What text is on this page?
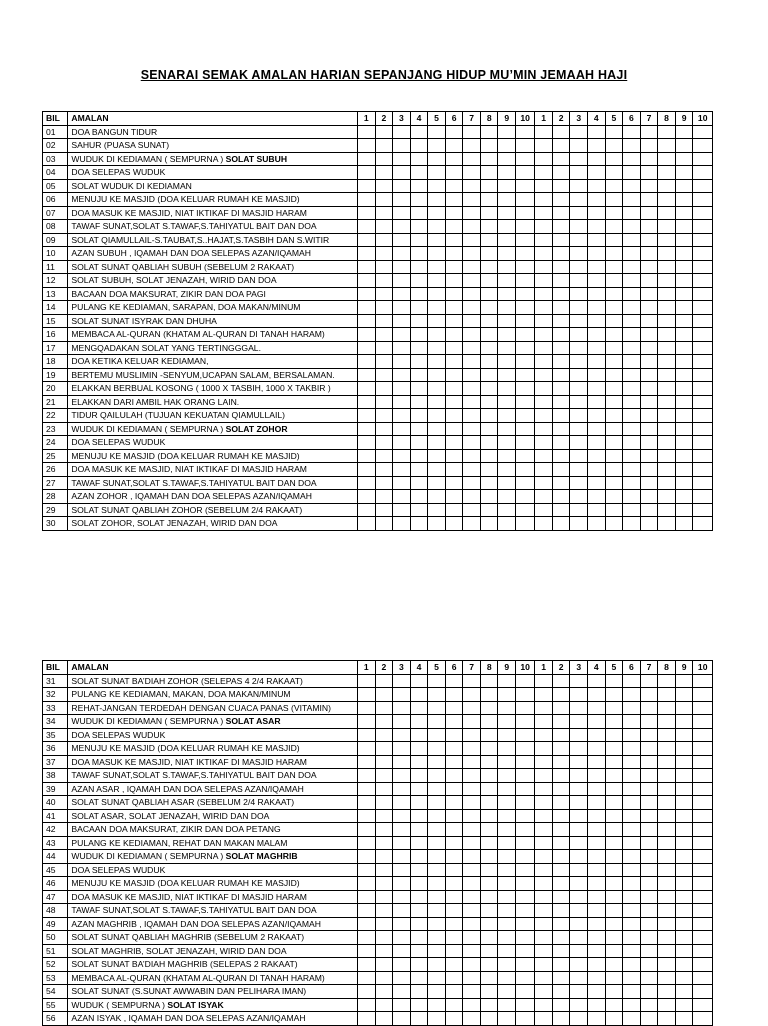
SENARAI SEMAK AMALAN HARIAN SEPANJANG HIDUP MU’MIN JEMAAH HAJI
BIL	AMALAN	1	2	3	4	5	6	7	8	9	10	1	2	3	4	5	6	7	8	9	10
01	DOA BANGUN TIDUR																				
02	SAHUR (PUASA SUNAT)																				
03	WUDUK DI KEDIAMAN ( SEMPURNA ) SOLAT SUBUH																				
04	DOA SELEPAS WUDUK																				
05	SOLAT WUDUK DI KEDIAMAN																				
06	MENUJU KE MASJID (DOA KELUAR RUMAH KE MASJID)																				
07	DOA MASUK KE MASJID, NIAT IKTIKAF DI MASJID HARAM																				
08	TAWAF SUNAT,SOLAT S.TAWAF,S.TAHIYATUL BAIT DAN DOA																				
09	SOLAT QIAMULLAIL-S.TAUBAT,S..HAJAT,S.TASBIH DAN S.WITIR																				
10	AZAN SUBUH , IQAMAH DAN DOA SELEPAS AZAN/IQAMAH																				
11	SOLAT SUNAT QABLIAH SUBUH (SEBELUM 2 RAKAAT)																				
12	SOLAT SUBUH, SOLAT JENAZAH, WIRID DAN DOA																				
13	BACAAN DOA MAKSURAT, ZIKIR DAN DOA PAGI																				
14	PULANG KE KEDIAMAN, SARAPAN, DOA MAKAN/MINUM																				
15	SOLAT SUNAT ISYRAK DAN DHUHA																				
16	MEMBACA AL-QURAN (KHATAM AL-QURAN DI TANAH HARAM)																				
17	MENGQADAKAN SOLAT YANG TERTINGGGAL.																				
18	DOA KETIKA KELUAR KEDIAMAN,																				
19	BERTEMU MUSLIMIN -SENYUM,UCAPAN SALAM, BERSALAMAN.																				
20	ELAKKAN BERBUAL KOSONG ( 1000 X TASBIH, 1000 X TAKBIR )																				
21	ELAKKAN DARI AMBIL HAK ORANG LAIN.																				
22	TIDUR QAILULAH (TUJUAN KEKUATAN QIAMULLAIL)																				
23	WUDUK DI KEDIAMAN ( SEMPURNA ) SOLAT ZOHOR																				
24	DOA SELEPAS WUDUK																				
25	MENUJU KE MASJID (DOA KELUAR RUMAH KE MASJID)																				
26	DOA MASUK KE MASJID, NIAT IKTIKAF DI MASJID HARAM																				
27	TAWAF SUNAT,SOLAT S.TAWAF,S.TAHIYATUL BAIT DAN DOA																				
28	AZAN ZOHOR , IQAMAH DAN DOA SELEPAS AZAN/IQAMAH																				
29	SOLAT SUNAT QABLIAH ZOHOR (SEBELUM 2/4 RAKAAT)																				
30	SOLAT ZOHOR, SOLAT JENAZAH, WIRID DAN DOA																				
BIL	AMALAN	1	2	3	4	5	6	7	8	9	10	1	2	3	4	5	6	7	8	9	10
31	SOLAT SUNAT BA’DIAH ZOHOR (SELEPAS 4 2/4 RAKAAT)																				
32	PULANG KE KEDIAMAN, MAKAN, DOA MAKAN/MINUM																				
33	REHAT-JANGAN TERDEDAH DENGAN CUACA PANAS (VITAMIN)																				
34	WUDUK DI KEDIAMAN ( SEMPURNA ) SOLAT ASAR																				
35	DOA SELEPAS WUDUK																				
36	MENUJU KE MASJID (DOA KELUAR RUMAH KE MASJID)																				
37	DOA MASUK KE MASJID, NIAT IKTIKAF DI MASJID HARAM																				
38	TAWAF SUNAT,SOLAT S.TAWAF,S.TAHIYATUL BAIT DAN DOA																				
39	AZAN ASAR , IQAMAH DAN DOA SELEPAS AZAN/IQAMAH																				
40	SOLAT SUNAT QABLIAH ASAR (SEBELUM 2/4 RAKAAT)																				
41	SOLAT ASAR, SOLAT JENAZAH, WIRID DAN DOA																				
42	BACAAN DOA MAKSURAT, ZIKIR DAN DOA PETANG																				
43	PULANG KE KEDIAMAN, REHAT DAN MAKAN MALAM																				
44	WUDUK DI KEDIAMAN ( SEMPURNA ) SOLAT MAGHRIB																				
45	DOA SELEPAS WUDUK																				
46	MENUJU KE MASJID (DOA KELUAR RUMAH KE MASJID)																				
47	DOA MASUK KE MASJID, NIAT IKTIKAF DI MASJID HARAM																				
48	TAWAF SUNAT,SOLAT S.TAWAF,S.TAHIYATUL BAIT DAN DOA																				
49	AZAN MAGHRIB , IQAMAH DAN DOA SELEPAS AZAN/IQAMAH																				
50	SOLAT SUNAT QABLIAH MAGHRIB (SEBELUM 2 RAKAAT)																				
51	SOLAT MAGHRIB, SOLAT JENAZAH, WIRID DAN DOA																				
52	SOLAT SUNAT BA’DIAH MAGHRIB (SELEPAS 2 RAKAAT)																				
53	MEMBACA AL-QURAN (KHATAM AL-QURAN DI TANAH HARAM)																				
54	SOLAT SUNAT (S.SUNAT AWWABIN DAN PELIHARA IMAN)																				
55	WUDUK ( SEMPURNA ) SOLAT ISYAK																				
56	AZAN ISYAK , IQAMAH DAN DOA SELEPAS AZAN/IQAMAH																				
